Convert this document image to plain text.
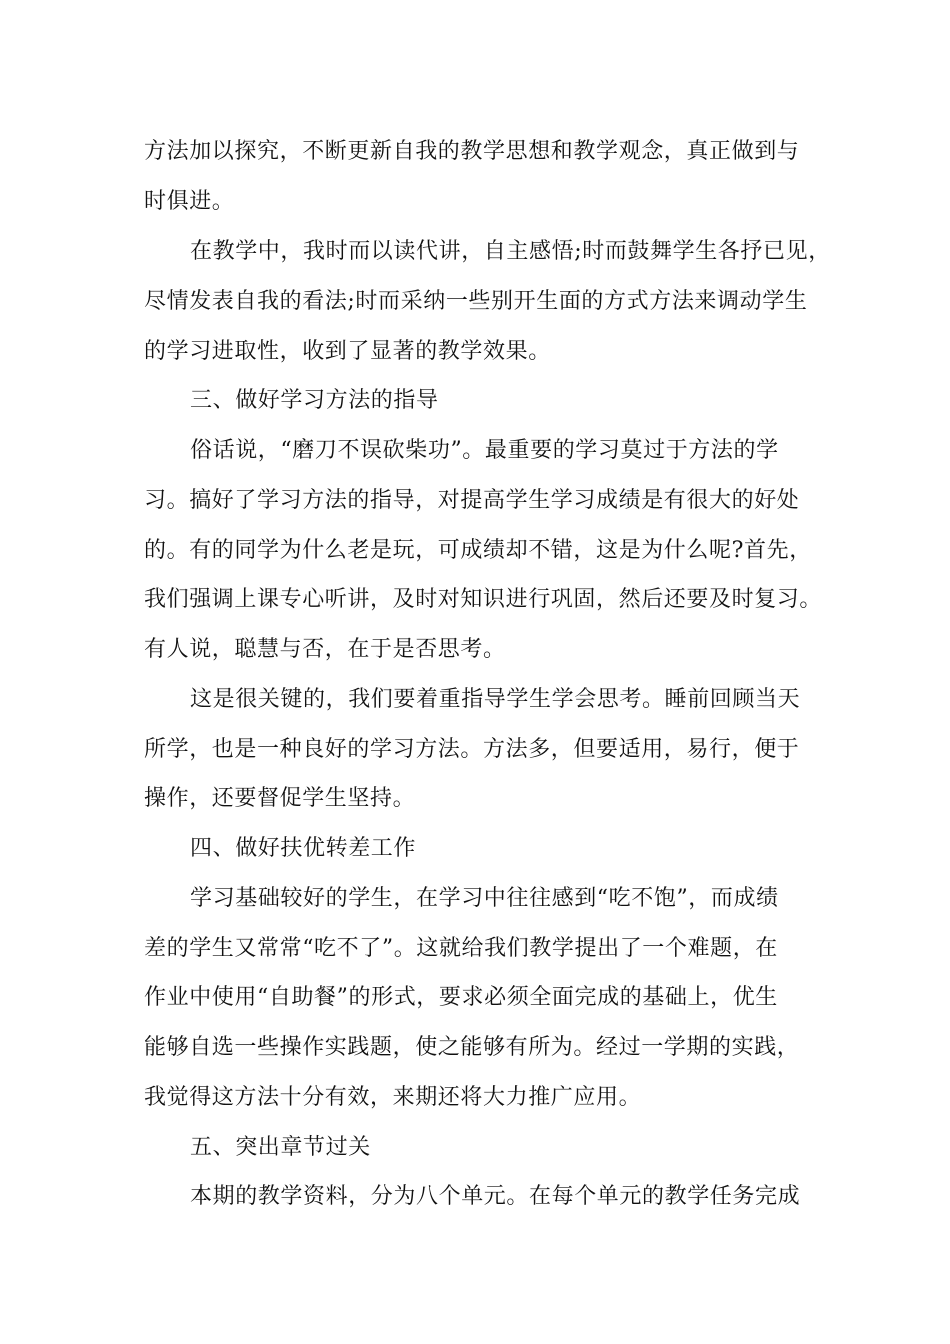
方法加以探究，不断更新自我的教学思想和教学观念，真正做到与
时俱进。
在教学中，我时而以读代讲，自主感悟;时而鼓舞学生各抒已见，
尽情发表自我的看法;时而采纳一些别开生面的方式方法来调动学生
的学习进取性，收到了显著的教学效果。
三、做好学习方法的指导
俗话说，“磨刀不误砍柴功”。最重要的学习莫过于方法的学
习。搞好了学习方法的指导，对提高学生学习成绩是有很大的好处
的。有的同学为什么老是玩，可成绩却不错，这是为什么呢?首先，
我们强调上课专心听讲，及时对知识进行巩固，然后还要及时复习。
有人说，聪慧与否，在于是否思考。
这是很关键的，我们要着重指导学生学会思考。睡前回顾当天
所学，也是一种良好的学习方法。方法多，但要适用，易行，便于
操作，还要督促学生坚持。
四、做好扶优转差工作
学习基础较好的学生，在学习中往往感到“吃不饱”，而成绩
差的学生又常常“吃不了”。这就给我们教学提出了一个难题，在
作业中使用“自助餐”的形式，要求必须全面完成的基础上，优生
能够自选一些操作实践题，使之能够有所为。经过一学期的实践，
我觉得这方法十分有效，来期还将大力推广应用。
五、突出章节过关
本期的教学资料，分为八个单元。在每个单元的教学任务完成
